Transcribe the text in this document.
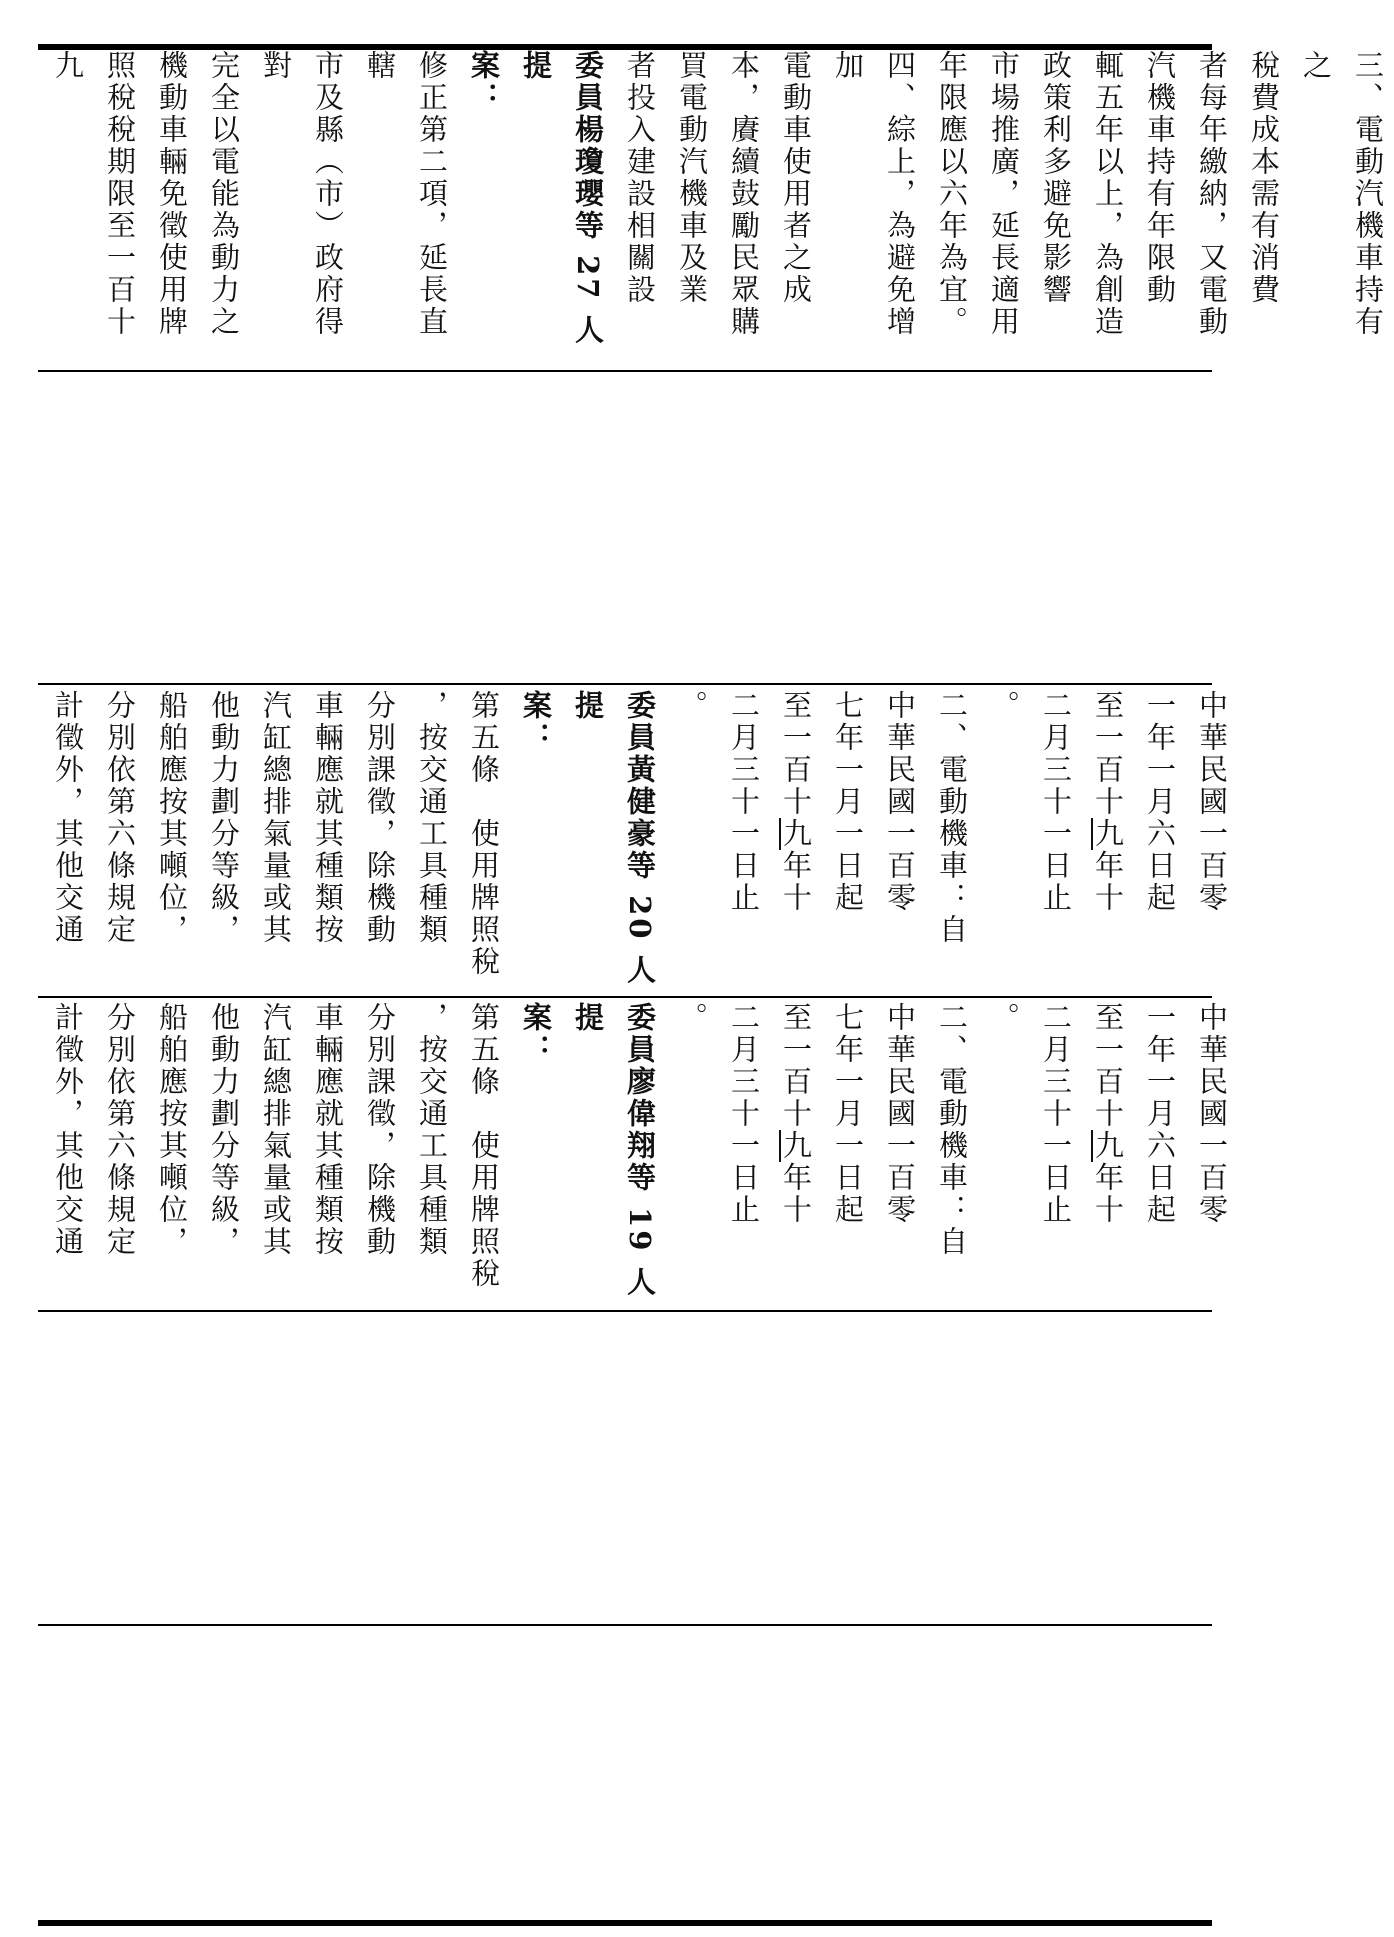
三、電動汽機車持有之
稅費成本需有消費
者每年繳納，又電動
汽機車持有年限動
輒五年以上，為創造
政策利多避免影響
市場推廣，延長適用
年限應以六年為宜。
四、綜上，為避免增加
電動車使用者之成
本，賡續鼓勵民眾購
買電動汽機車及業
者投入建設相關設
委員楊瓊瓔等 27 人提
案：
修正第二項，延長直轄
市及縣（市）政府得對
完全以電能為動力之
機動車輛免徵使用牌
照稅稅期限至一百十九
中華民國一百零
一年一月六日起
至一百十九年十
二月三十一日止
。
二、電動機車：自
中華民國一百零
七年一月一日起
至一百十九年十
二月三十一日止
。
委員黃健豪等 20 人提
案：
第五條　使用牌照稅
，按交通工具種類
分別課徵，除機動
車輛應就其種類按
汽缸總排氣量或其
他動力劃分等級，
船舶應按其噸位，
分別依第六條規定
計徵外，其他交通
中華民國一百零
一年一月六日起
至一百十九年十
二月三十一日止
。
二、電動機車：自
中華民國一百零
七年一月一日起
至一百十九年十
二月三十一日止
。
委員廖偉翔等 19 人提
案：
第五條　使用牌照稅
，按交通工具種類
分別課徵，除機動
車輛應就其種類按
汽缸總排氣量或其
他動力劃分等級，
船舶應按其噸位，
分別依第六條規定
計徵外，其他交通
